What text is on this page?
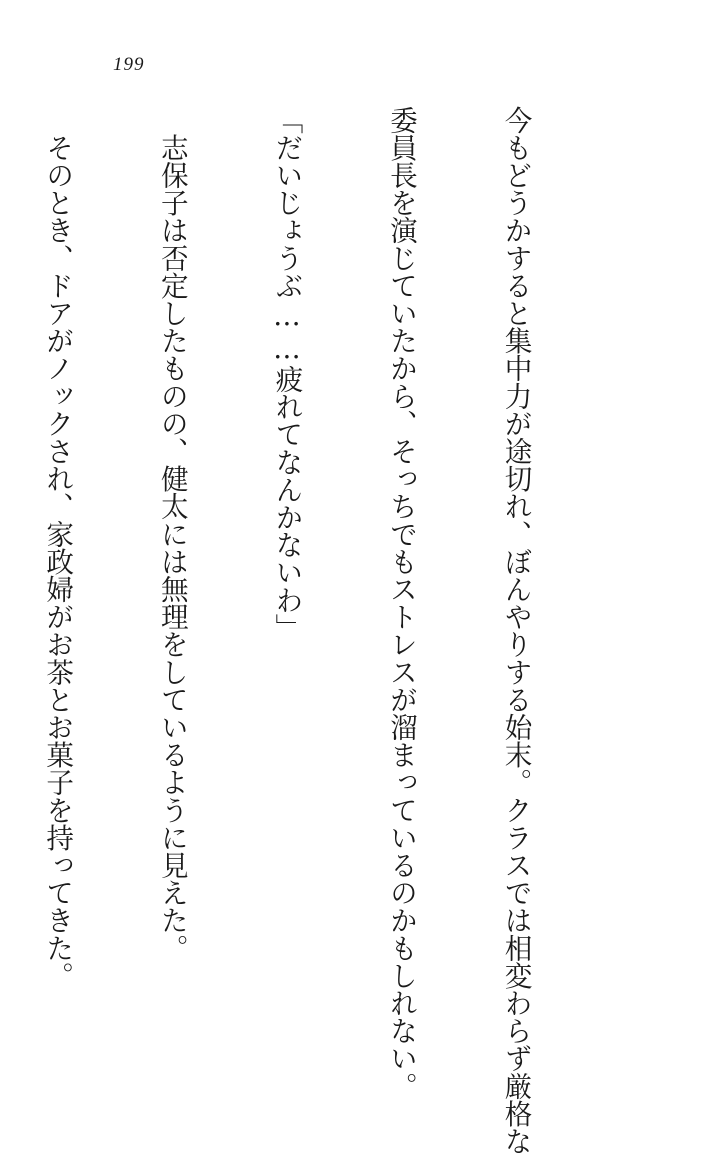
199

今もどうかすると集中力が途切れ、ぼんやりする始末。クラスでは相変わらず厳格な

委員長を演じていたから、そっちでもストレスが溜まっているのかもしれない。

「だいじょうぶ……疲れてなんかないわ」

　志保子は否定したものの、健太には無理をしているように見えた。

　そのとき、ドアがノックされ、家政婦がお茶とお菓子を持ってきた。
